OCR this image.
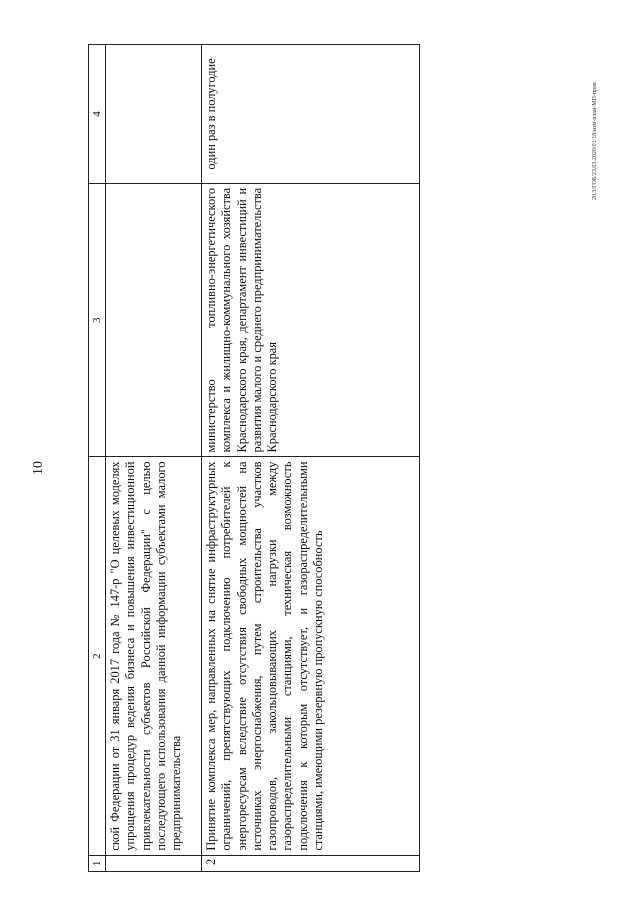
10
20.3/ГОБ/23.03.2020/01/18/изм-план-МП-прав
1	2	3	4
	ской Федерации от 31 января 2017 года № 147-р "О целевых моделях упрощения процедур ведения бизнеса и повышения инвестиционной привлекательности субъектов Российской Федерации" с целью последующего использования данной информации субъектами малого предпринимательства		
2	Принятие комплекса мер, направленных на снятие инфраструктурных ограничений, препятствующих подключению потребителей к энергоресурсам вследствие отсутствия свободных мощностей на источниках энергоснабжения, путем строительства участков газопроводов, закольцовывающих нагрузки между газораспределительными станциями, техническая возможность подключения к которым отсутствует, и газораспределительными станциями, имеющими резервную пропускную способность	министерство топливно-энергетического комплекса и жилищно-коммунального хозяйства Краснодарского края, департамент инвестиций и развития малого и среднего предпринимательства Краснодарского края	один раз в полугодие
